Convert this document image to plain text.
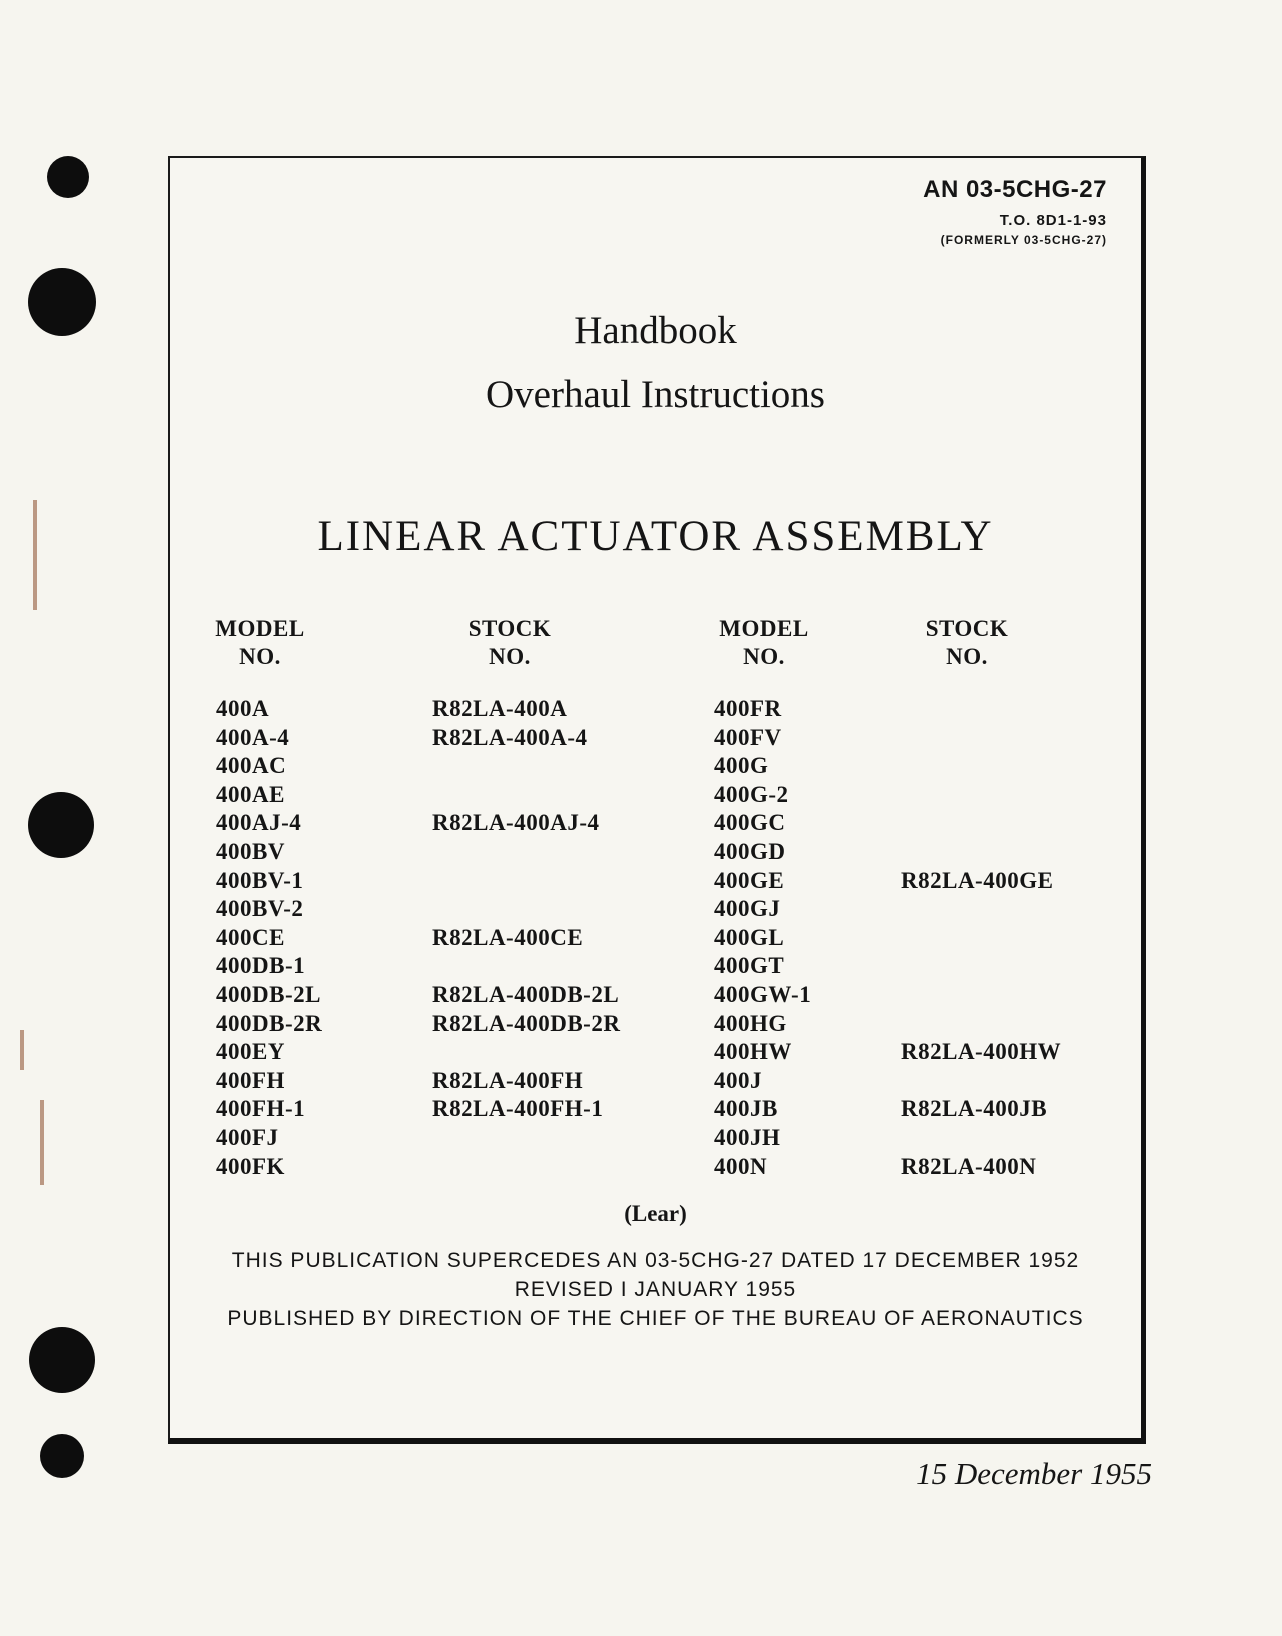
AN 03-5CHG-27
T.O. 8D1-1-93
(FORMERLY 03-5CHG-27)
Handbook
Overhaul Instructions
LINEAR ACTUATOR ASSEMBLY
MODEL
NO.
400A
400A-4
400AC
400AE
400AJ-4
400BV
400BV-1
400BV-2
400CE
400DB-1
400DB-2L
400DB-2R
400EY
400FH
400FH-1
400FJ
400FK
STOCK
NO.
R82LA-400A
R82LA-400A-4
R82LA-400AJ-4
R82LA-400CE
R82LA-400DB-2L
R82LA-400DB-2R
R82LA-400FH
R82LA-400FH-1
MODEL
NO.
400FR
400FV
400G
400G-2
400GC
400GD
400GE
400GJ
400GL
400GT
400GW-1
400HG
400HW
400J
400JB
400JH
400N
STOCK
NO.
R82LA-400GE
R82LA-400HW
R82LA-400JB
R82LA-400N
(Lear)
THIS PUBLICATION SUPERCEDES AN 03-5CHG-27 DATED 17 DECEMBER 1952
REVISED I JANUARY 1955
PUBLISHED BY DIRECTION OF THE CHIEF OF THE BUREAU OF AERONAUTICS
15 December 1955
